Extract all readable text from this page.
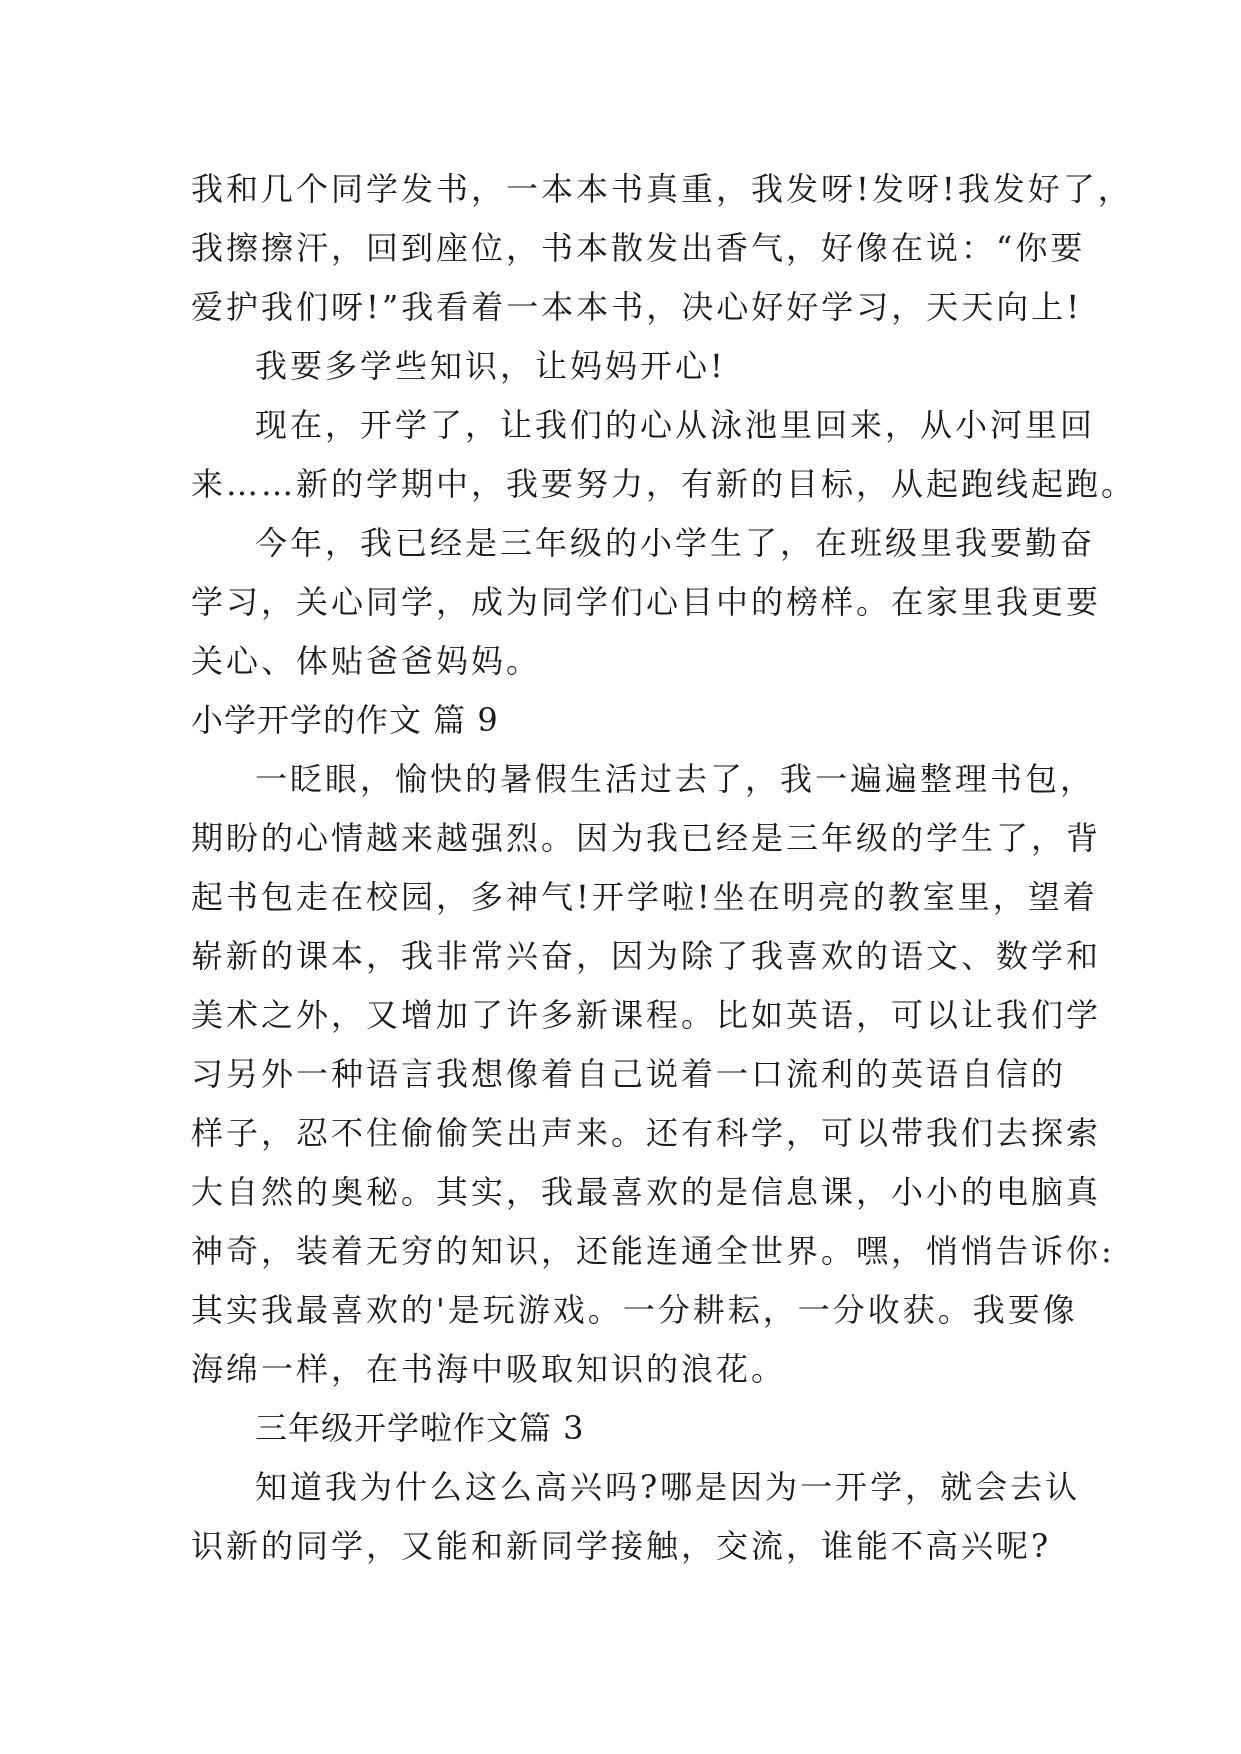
我和几个同学发书，一本本书真重，我发呀!发呀!我发好了，
我擦擦汗，回到座位，书本散发出香气，好像在说：“你要
爱护我们呀!”我看着一本本书，决心好好学习，天天向上!
我要多学些知识，让妈妈开心!
现在，开学了，让我们的心从泳池里回来，从小河里回
来……新的学期中，我要努力，有新的目标，从起跑线起跑。
今年，我已经是三年级的小学生了，在班级里我要勤奋
学习，关心同学，成为同学们心目中的榜样。在家里我更要
关心、体贴爸爸妈妈。
小学开学的作文 篇 9
一眨眼，愉快的暑假生活过去了，我一遍遍整理书包，
期盼的心情越来越强烈。因为我已经是三年级的学生了，背
起书包走在校园，多神气!开学啦!坐在明亮的教室里，望着
崭新的课本，我非常兴奋，因为除了我喜欢的语文、数学和
美术之外，又增加了许多新课程。比如英语，可以让我们学
习另外一种语言我想像着自己说着一口流利的英语自信的
样子，忍不住偷偷笑出声来。还有科学，可以带我们去探索
大自然的奥秘。其实，我最喜欢的是信息课，小小的电脑真
神奇，装着无穷的知识，还能连通全世界。嘿，悄悄告诉你:
其实我最喜欢的'是玩游戏。一分耕耘，一分收获。我要像
海绵一样，在书海中吸取知识的浪花。
三年级开学啦作文篇 3
知道我为什么这么高兴吗?哪是因为一开学，就会去认
识新的同学，又能和新同学接触，交流，谁能不高兴呢?
